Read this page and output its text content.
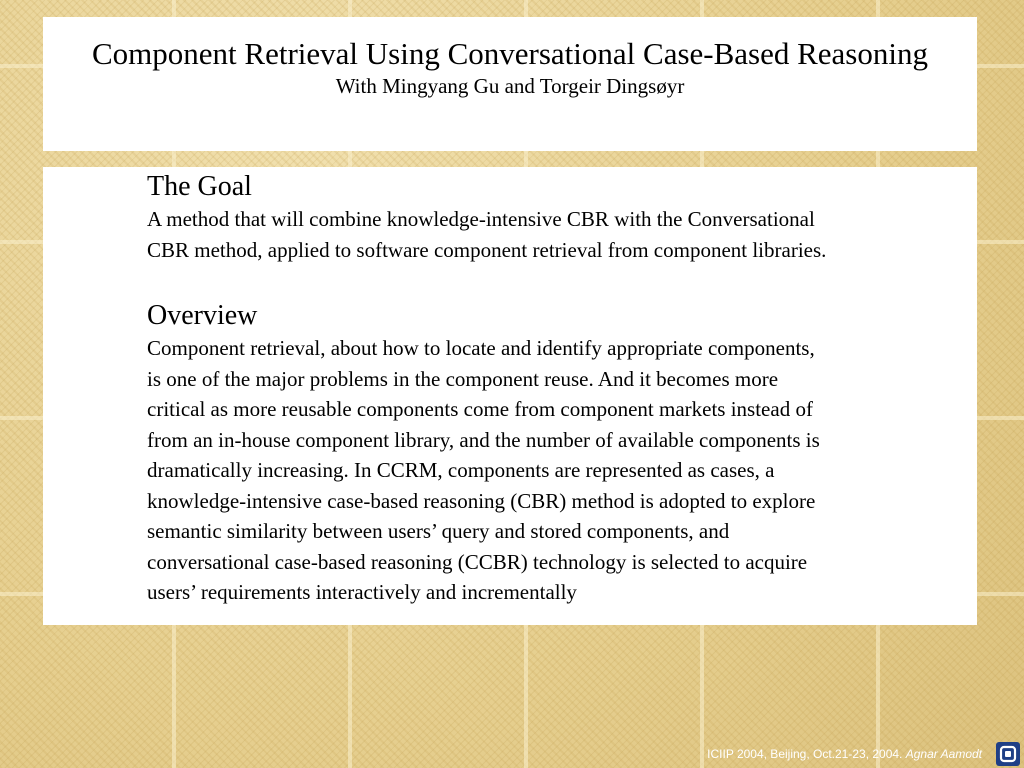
Component Retrieval Using Conversational Case-Based Reasoning

With Mingyang Gu and Torgeir Dingsøyr

The Goal

A method that will combine knowledge-intensive CBR with the Conversational
CBR method, applied to software component retrieval from component libraries.

Overview

Component retrieval, about how to locate and identify appropriate components,
is one of the major problems in the component reuse. And it becomes more
critical as more reusable components come from component markets instead of
from an in-house component library, and the number of available components is
dramatically increasing. In CCRM, components are represented as cases, a
knowledge-intensive case-based reasoning (CBR) method is adopted to explore
semantic similarity between users’ query and stored components, and
conversational case-based reasoning (CCBR) technology is selected to acquire
users’ requirements interactively and incrementally

ICIIP 2004, Beijing, Oct.21-23, 2004. Agnar Aamodt
